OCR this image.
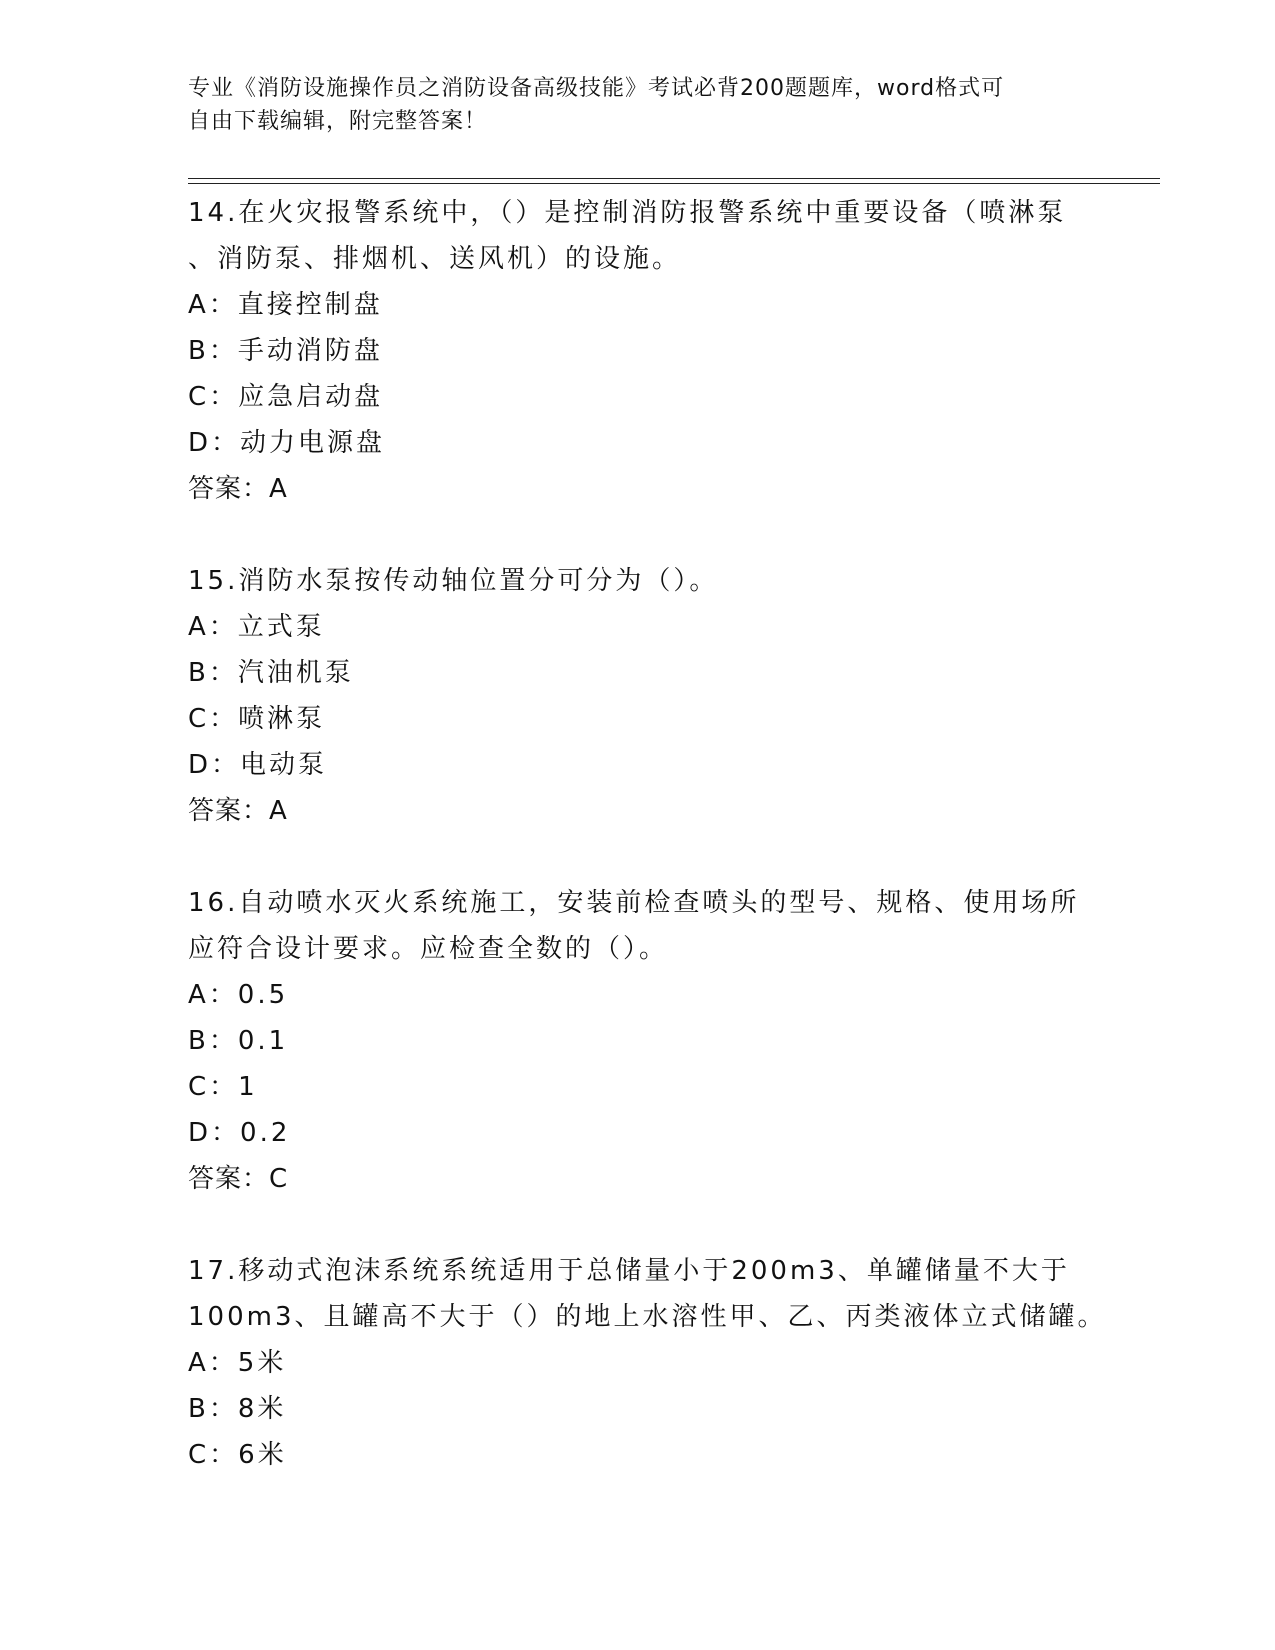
专业《消防设施操作员之消防设备高级技能》考试必背200题题库，word格式可
自由下载编辑，附完整答案！
14.在火灾报警系统中，（）是控制消防报警系统中重要设备（喷淋泵
、消防泵、排烟机、送风机）的设施。
A：直接控制盘
B：手动消防盘
C：应急启动盘
D：动力电源盘
答案：A
15.消防水泵按传动轴位置分可分为（）。
A：立式泵
B：汽油机泵
C：喷淋泵
D：电动泵
答案：A
16.自动喷水灭火系统施工，安装前检查喷头的型号、规格、使用场所
应符合设计要求。应检查全数的（）。
A：0.5
B：0.1
C：1
D：0.2
答案：C
17.移动式泡沫系统系统适用于总储量小于200m3、单罐储量不大于
100m3、且罐高不大于（）的地上水溶性甲、乙、丙类液体立式储罐。
A：5米
B：8米
C：6米
